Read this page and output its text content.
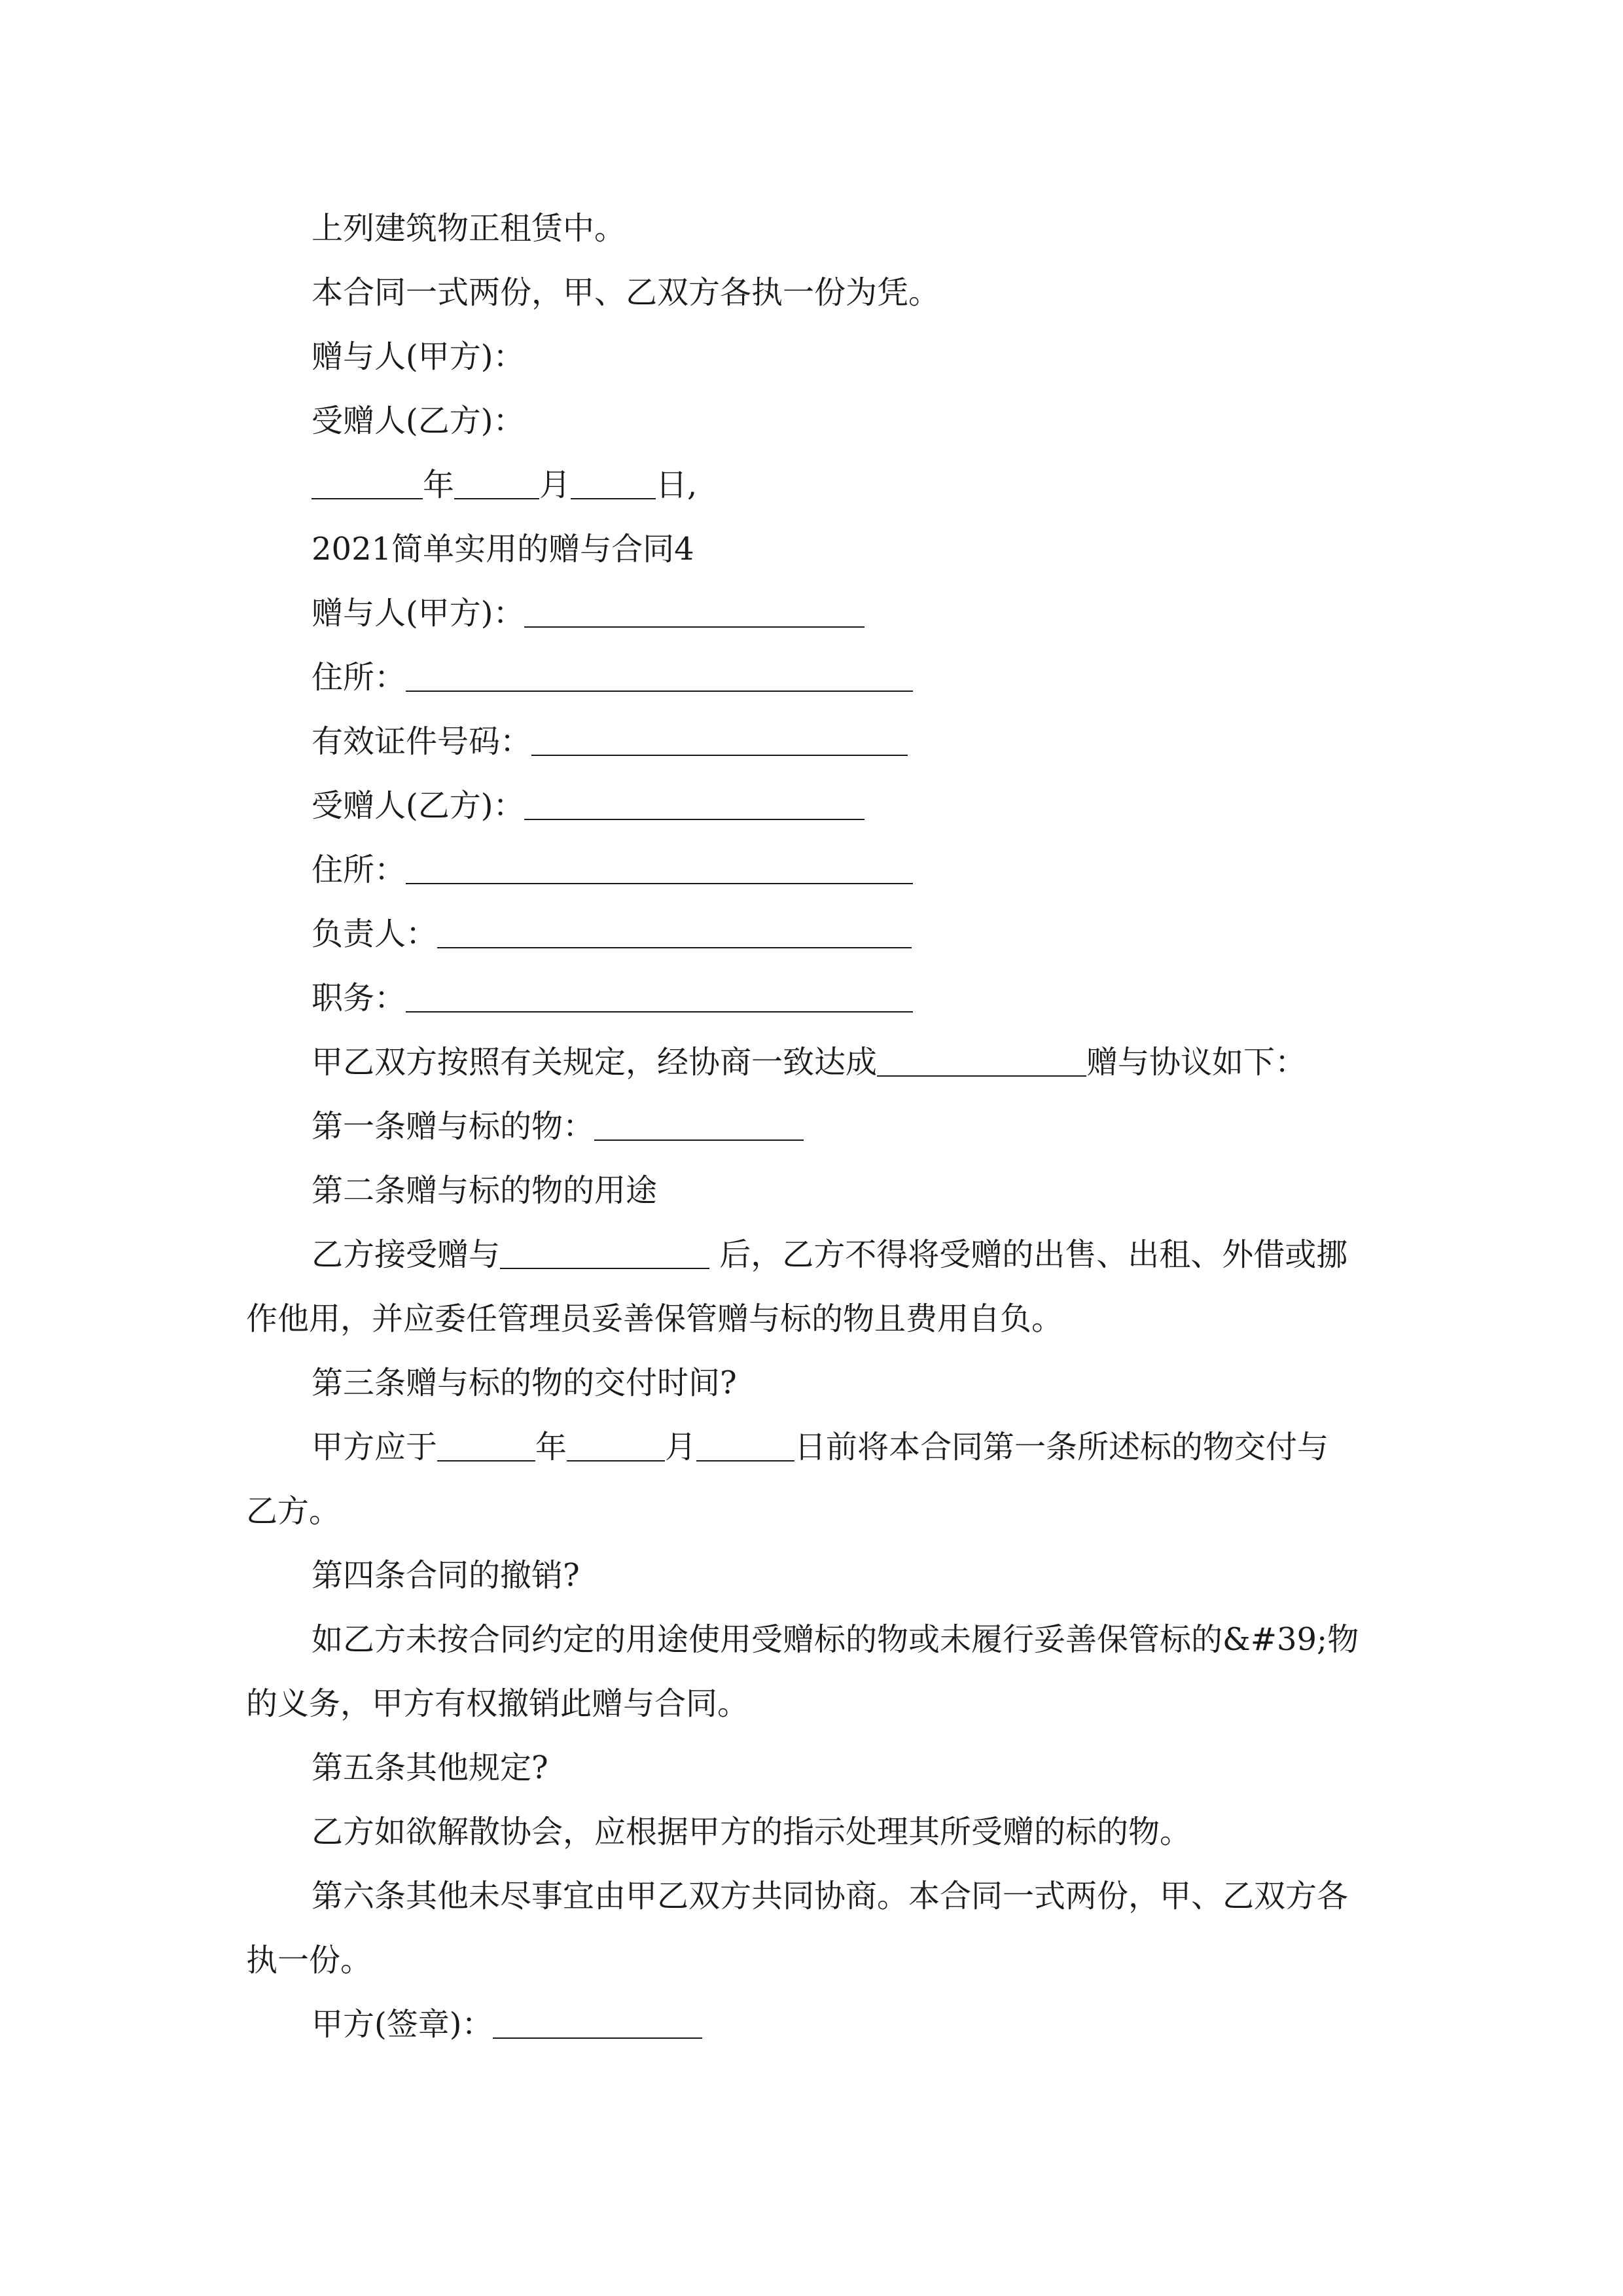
上列建筑物正租赁中。
本合同一式两份，甲、乙双方各执一份为凭。
赠与人(甲方)：
受赠人(乙方)：
年	月	日,
2021简单实用的赠与合同4
赠与人(甲方)：
住所：
有效证件号码：
受赠人(乙方)：
住所：
负责人：
职务：
甲乙双方按照有关规定，经协商一致达成	赠与协议如下：
第一条赠与标的物：
第二条赠与标的物的用途
乙方接受赠与	后，乙方不得将受赠的出售、出租、外借或挪
作他用，并应委任管理员妥善保管赠与标的物且费用自负。
第三条赠与标的物的交付时间?
甲方应于	年	月	日前将本合同第一条所述标的物交付与
乙方。
第四条合同的撤销?
如乙方未按合同约定的用途使用受赠标的物或未履行妥善保管标的&#39;物
的义务，甲方有权撤销此赠与合同。
第五条其他规定?
乙方如欲解散协会，应根据甲方的指示处理其所受赠的标的物。
第六条其他未尽事宜由甲乙双方共同协商。本合同一式两份，甲、乙双方各
执一份。
甲方(签章)：
